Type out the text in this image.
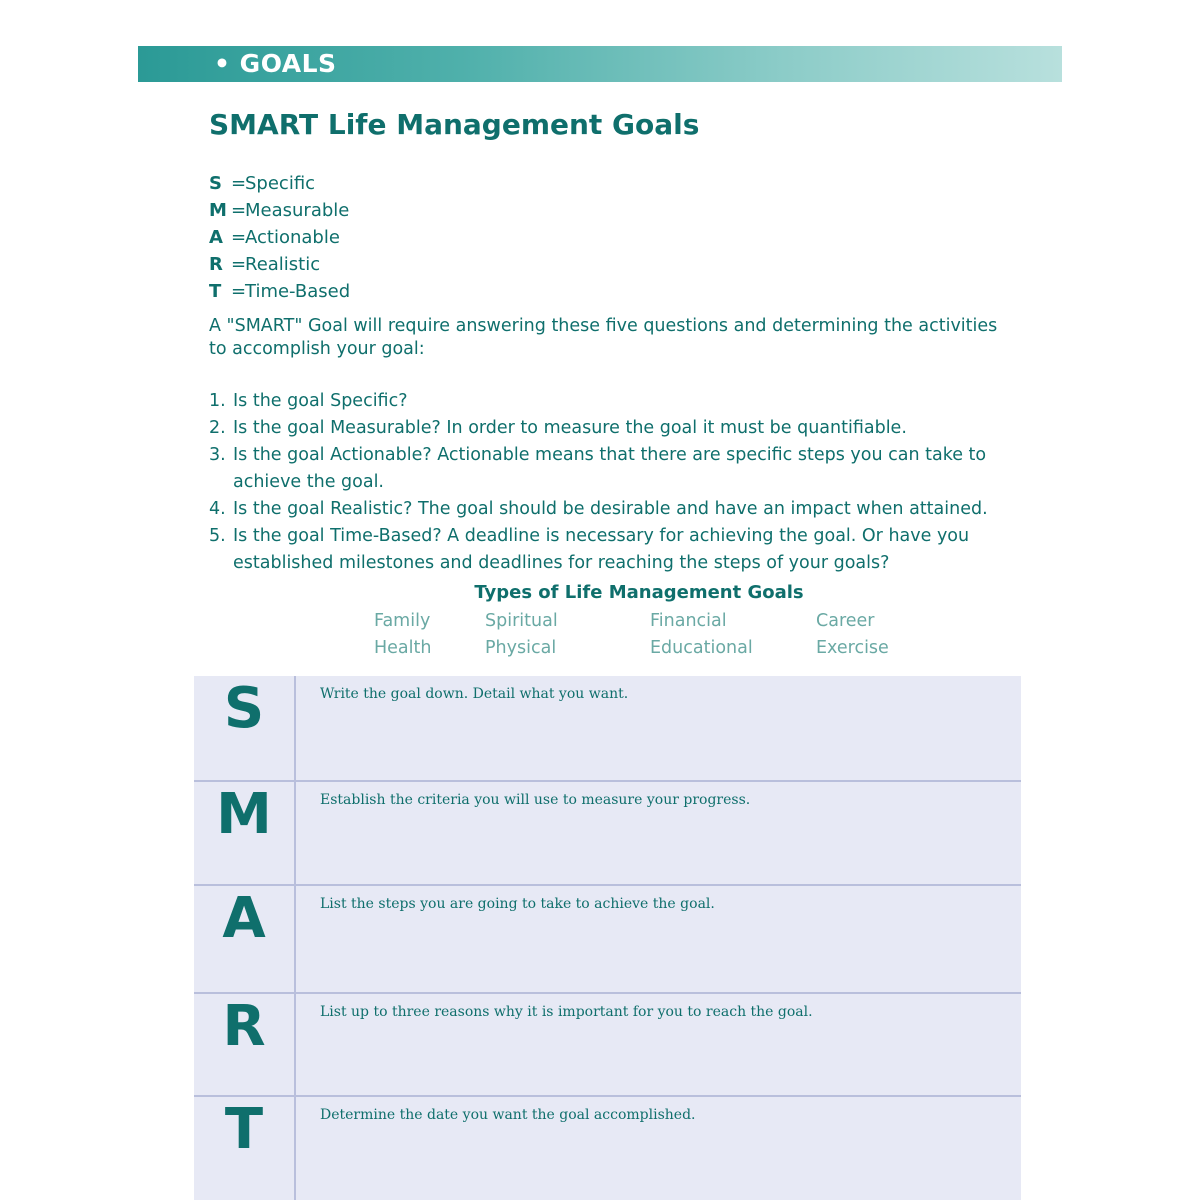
• GOALS
SMART Life Management Goals
S =Specific
M =Measurable
A =Actionable
R =Realistic
T =Time-Based

A "SMART" Goal will require answering these five questions and determining the activities to accomplish your goal:

1. Is the goal Specific?
2. Is the goal Measurable? In order to measure the goal it must be quantifiable.
3. Is the goal Actionable? Actionable means that there are specific steps you can take to achieve the goal.
4. Is the goal Realistic? The goal should be desirable and have an impact when attained.
5. Is the goal Time-Based? A deadline is necessary for achieving the goal. Or have you established milestones and deadlines for reaching the steps of your goals?
Types of Life Management Goals
Family	Spiritual	Financial	Career
Health	Physical	Educational	Exercise
S	Write the goal down. Detail what you want.
M	Establish the criteria you will use to measure your progress.
A	List the steps you are going to take to achieve the goal.
R	List up to three reasons why it is important for you to reach the goal.
T	Determine the date you want the goal accomplished.
